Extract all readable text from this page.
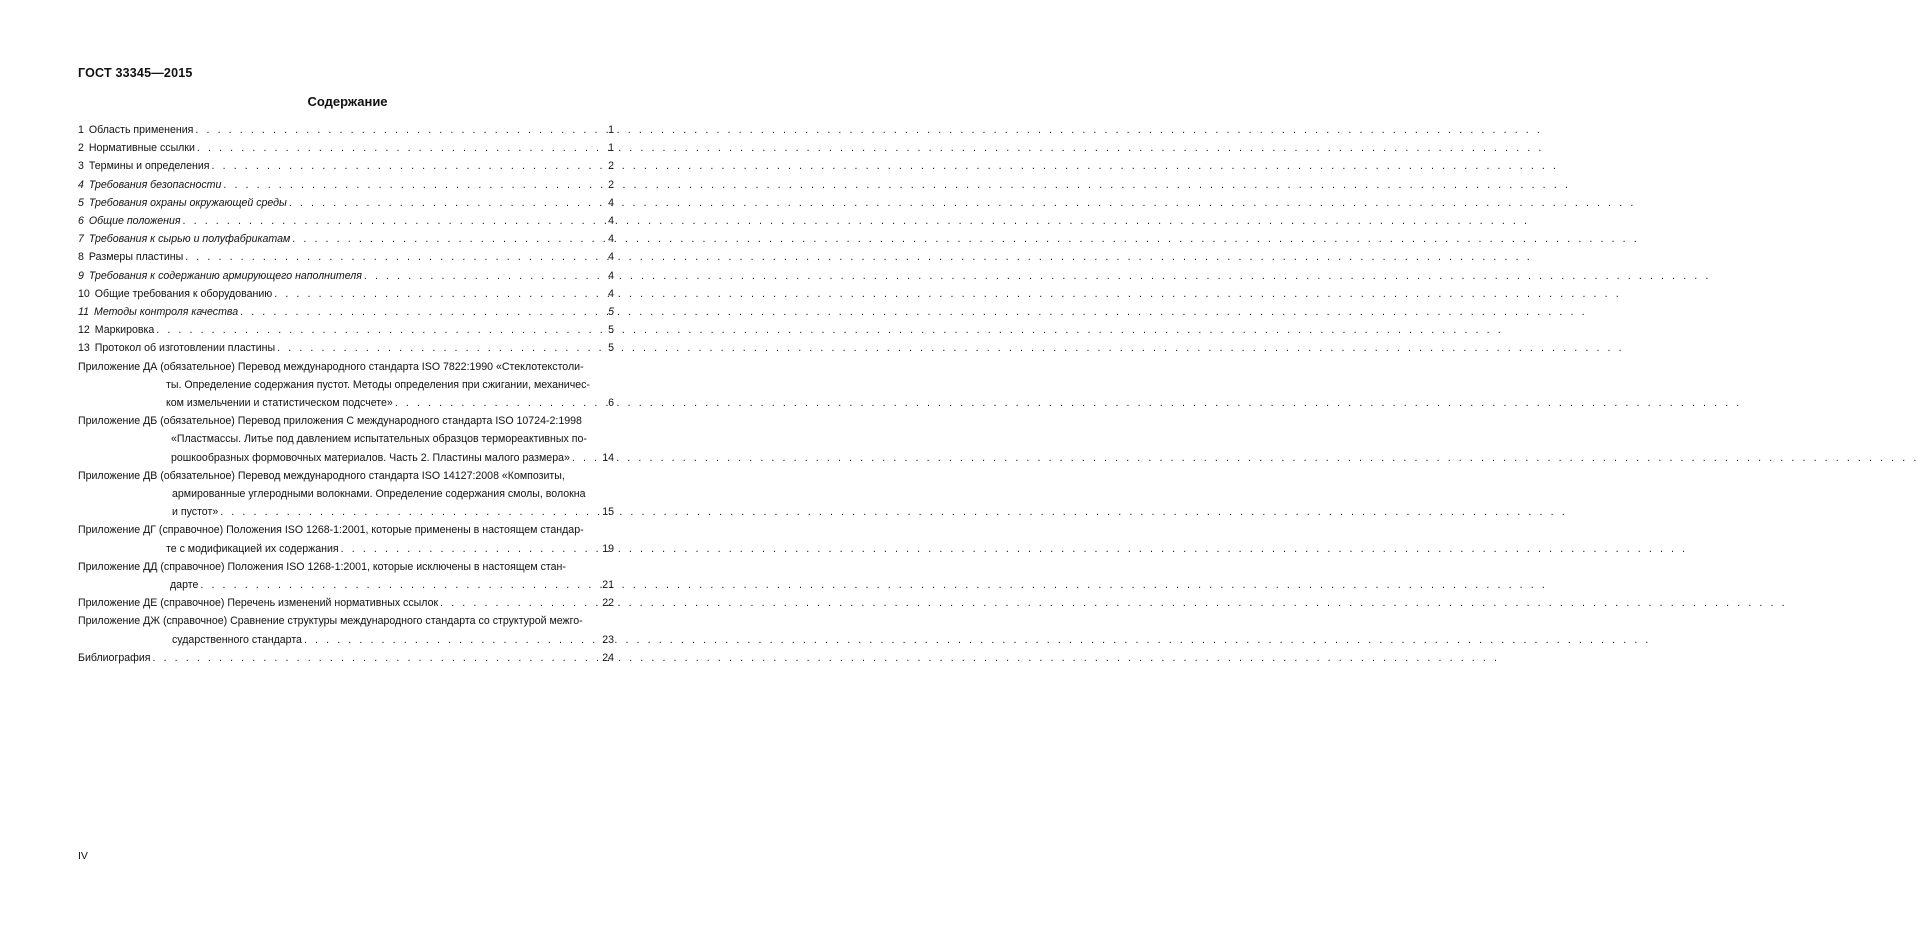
ГОСТ 33345—2015
Содержание
1 Область применения . . .	1
2 Нормативные ссылки . . .	1
3 Термины и определения . . .	2
4 Требования безопасности . . .	2
5 Требования охраны окружающей среды . . .	4
6 Общие положения . . .	4
7 Требования к сырью и полуфабрикатам . . .	4
8 Размеры пластины . . .	4
9 Требования к содержанию армирующего наполнителя . . .	4
10 Общие требования к оборудованию . . .	4
11 Методы контроля качества . . .	5
12 Маркировка . . .	5
13 Протокол об изготовлении пластины . . .	5
Приложение ДА (обязательное) Перевод международного стандарта ISO 7822:1990 «Стеклотекстоли-
ты. Определение содержания пустот. Методы определения при сжигании, механичес-
ком измельчении и статистическом подсчете» . . .	6
Приложение ДБ (обязательное) Перевод приложения С международного стандарта ISO 10724-2:1998
«Пластмассы. Литье под давлением испытательных образцов термореактивных по-
рошкообразных формовочных материалов. Часть 2. Пластины малого размера» . . .	14
Приложение ДВ (обязательное) Перевод международного стандарта ISO 14127:2008 «Композиты,
армированные углеродными волокнами. Определение содержания смолы, волокна
и пустот» . . .	15
Приложение ДГ (справочное) Положения ISO 1268-1:2001, которые применены в настоящем стандар-
те с модификацией их содержания . . .	19
Приложение ДД (справочное) Положения ISO 1268-1:2001, которые исключены в настоящем стан-
дарте . . .	21
Приложение ДЕ (справочное) Перечень изменений нормативных ссылок . . .	22
Приложение ДЖ (справочное) Сравнение структуры международного стандарта со структурой межго-
сударственного стандарта . . .	23
Библиография . . .	24
IV
